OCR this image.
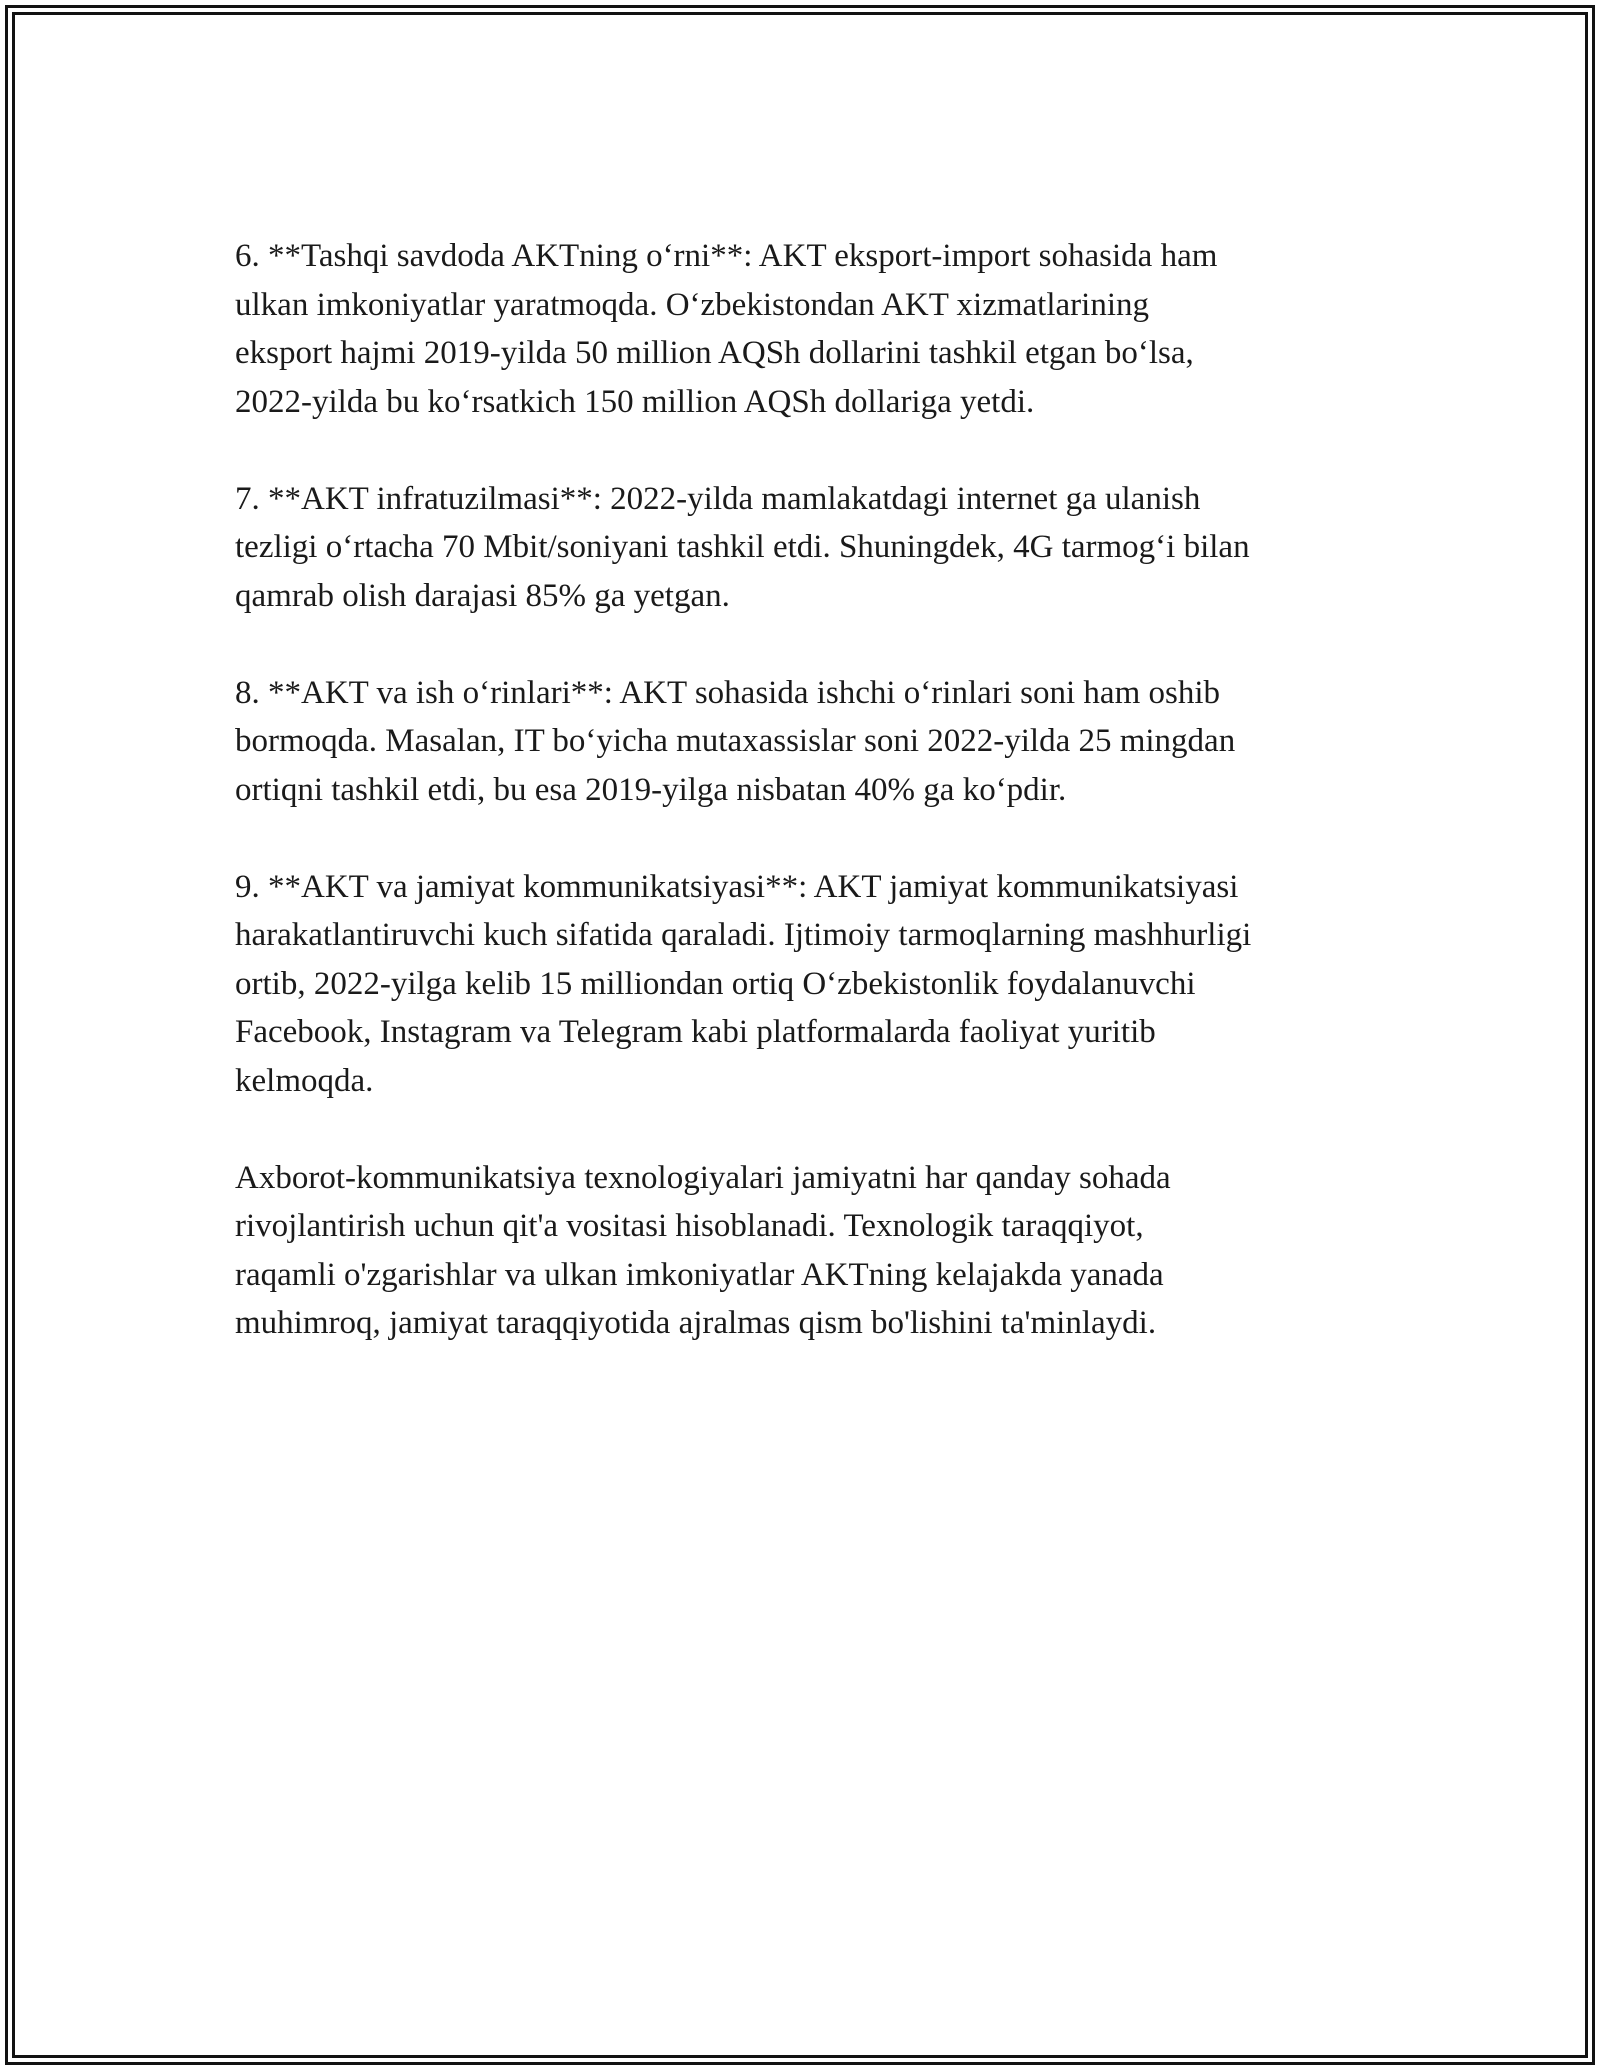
6. **Tashqi savdoda AKTning oʻrni**: AKT eksport-import sohasida ham
ulkan imkoniyatlar yaratmoqda. Oʻzbekistondan AKT xizmatlarining
eksport hajmi 2019-yilda 50 million AQSh dollarini tashkil etgan boʻlsa,
2022-yilda bu koʻrsatkich 150 million AQSh dollariga yetdi.

7. **AKT infratuzilmasi**: 2022-yilda mamlakatdagi internet ga ulanish
tezligi oʻrtacha 70 Mbit/soniyani tashkil etdi. Shuningdek, 4G tarmogʻi bilan
qamrab olish darajasi 85% ga yetgan.

8. **AKT va ish oʻrinlari**: AKT sohasida ishchi oʻrinlari soni ham oshib
bormoqda. Masalan, IT boʻyicha mutaxassislar soni 2022-yilda 25 mingdan
ortiqni tashkil etdi, bu esa 2019-yilga nisbatan 40% ga koʻpdir.

9. **AKT va jamiyat kommunikatsiyasi**: AKT jamiyat kommunikatsiyasi
harakatlantiruvchi kuch sifatida qaraladi. Ijtimoiy tarmoqlarning mashhurligi
ortib, 2022-yilga kelib 15 milliondan ortiq Oʻzbekistonlik foydalanuvchi
Facebook, Instagram va Telegram kabi platformalarda faoliyat yuritib
kelmoqda.

Axborot-kommunikatsiya texnologiyalari jamiyatni har qanday sohada
rivojlantirish uchun qit'a vositasi hisoblanadi. Texnologik taraqqiyot,
raqamli o'zgarishlar va ulkan imkoniyatlar AKTning kelajakda yanada
muhimroq, jamiyat taraqqiyotida ajralmas qism bo'lishini ta'minlaydi.
